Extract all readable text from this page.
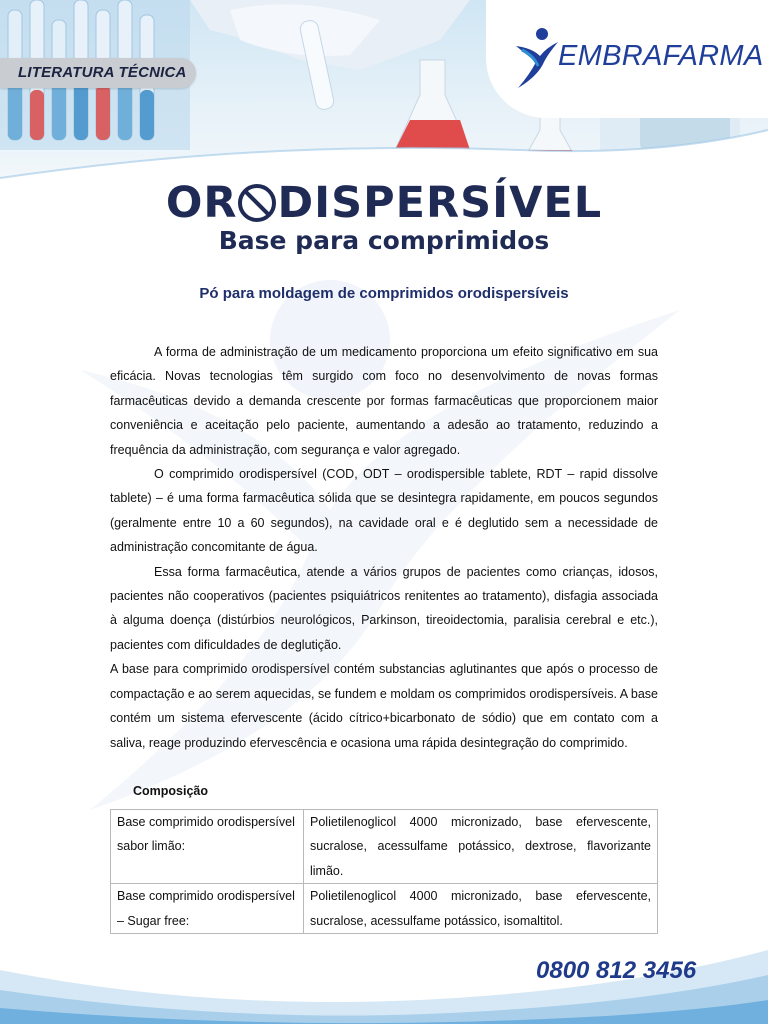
LITERATURA TÉCNICA
EMBRAFARMA
OR DISPERSÍVEL
Base para comprimidos
Pó para moldagem de comprimidos orodispersíveis

A forma de administração de um medicamento proporciona um efeito significativo em sua eficácia. Novas tecnologias têm surgido com foco no desenvolvimento de novas formas farmacêuticas devido a demanda crescente por formas farmacêuticas que proporcionem maior conveniência e aceitação pelo paciente, aumentando a adesão ao tratamento, reduzindo a frequência da administração, com segurança e valor agregado.

O comprimido orodispersível (COD, ODT – orodispersible tablete, RDT – rapid dissolve tablete) – é uma forma farmacêutica sólida que se desintegra rapidamente, em poucos segundos (geralmente entre 10 a 60 segundos), na cavidade oral e é deglutido sem a necessidade de administração concomitante de água.

Essa forma farmacêutica, atende a vários grupos de pacientes como crianças, idosos, pacientes não cooperativos (pacientes psiquiátricos renitentes ao tratamento), disfagia associada à alguma doença (distúrbios neurológicos, Parkinson, tireoidectomia, paralisia cerebral e etc.), pacientes com dificuldades de deglutição.

A base para comprimido orodispersível contém substancias aglutinantes que após o processo de compactação e ao serem aquecidas, se fundem e moldam os comprimidos orodispersíveis. A base contém um sistema efervescente (ácido cítrico+bicarbonato de sódio) que em contato com a saliva, reage produzindo efervescência e ocasiona uma rápida desintegração do comprimido.

Composição
Base comprimido orodispersível sabor limão:	Polietilenoglicol 4000 micronizado, base efervescente, sucralose, acessulfame potássico, dextrose, flavorizante limão.
Base comprimido orodispersível – Sugar free:	Polietilenoglicol 4000 micronizado, base efervescente, sucralose, acessulfame potássico, isomaltitol.
0800 812 3456
